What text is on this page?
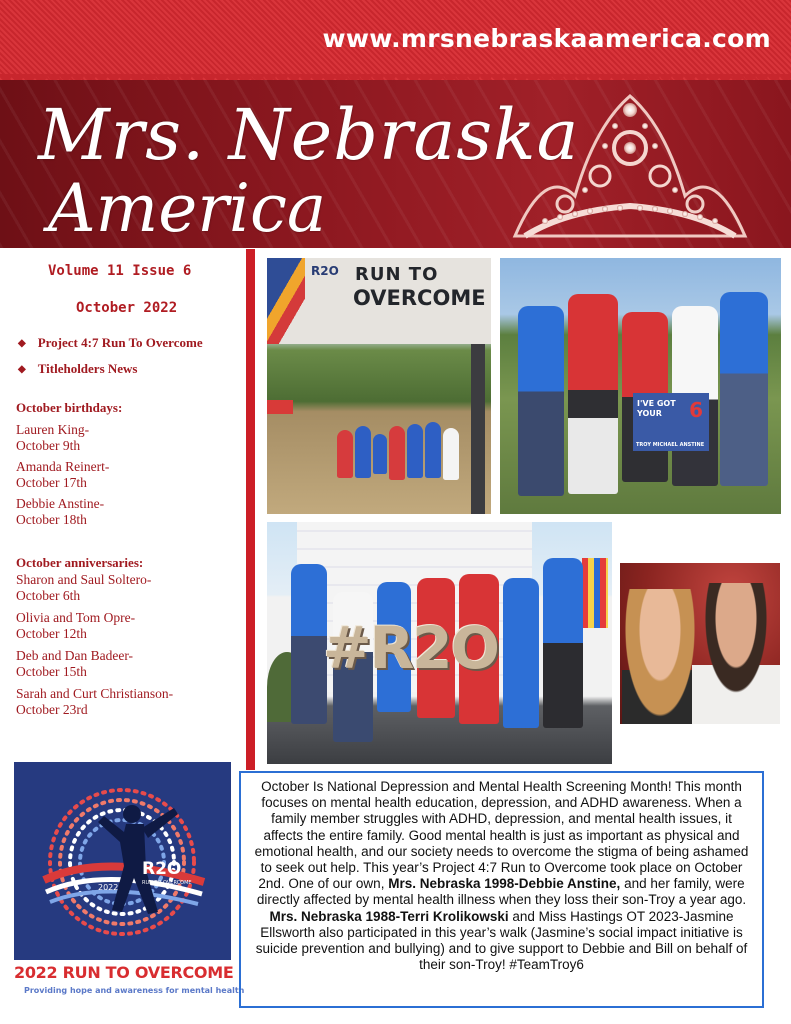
www.mrsnebraskaamerica.com
Mrs. Nebraska
America
Volume 11 Issue 6
October 2022
◆ Project 4:7 Run To Overcome
◆ Titleholders News
October birthdays:
Lauren King-
October 9th
Amanda Reinert-
October 17th
Debbie Anstine-
October 18th
October anniversaries:
Sharon and Saul Soltero-
October 6th
Olivia and Tom Opre-
October 12th
Deb and Dan Badeer-
October 15th
Sarah and Curt Christianson-
October 23rd
R2O RUN TO
OVERCOME
I'VE GOT
YOUR	6
TROY MICHAEL ANSTINE
#R2O
R2O
RUN TO OVERCOME
2022
2022 RUN TO OVERCOME
Providing hope and awareness for mental health
October Is National Depression and Mental Health Screening Month! This month focuses on mental health education, depression, and ADHD awareness. When a family member struggles with ADHD, depression, and mental health issues, it affects the entire family. Good mental health is just as important as physical and emotional health, and our society needs to overcome the stigma of being ashamed to seek out help. This year’s Project 4:7 Run to Overcome took place on October 2nd. One of our own, Mrs. Nebraska 1998-Debbie Anstine, and her family, were directly affected by mental health illness when they loss their son-Troy a year ago. Mrs. Nebraska 1988-Terri Krolikowski and Miss Hastings OT 2023-Jasmine Ellsworth also participated in this year’s walk (Jasmine’s social impact initiative is suicide prevention and bullying) and to give support to Debbie and Bill on behalf of their son-Troy! #TeamTroy6
